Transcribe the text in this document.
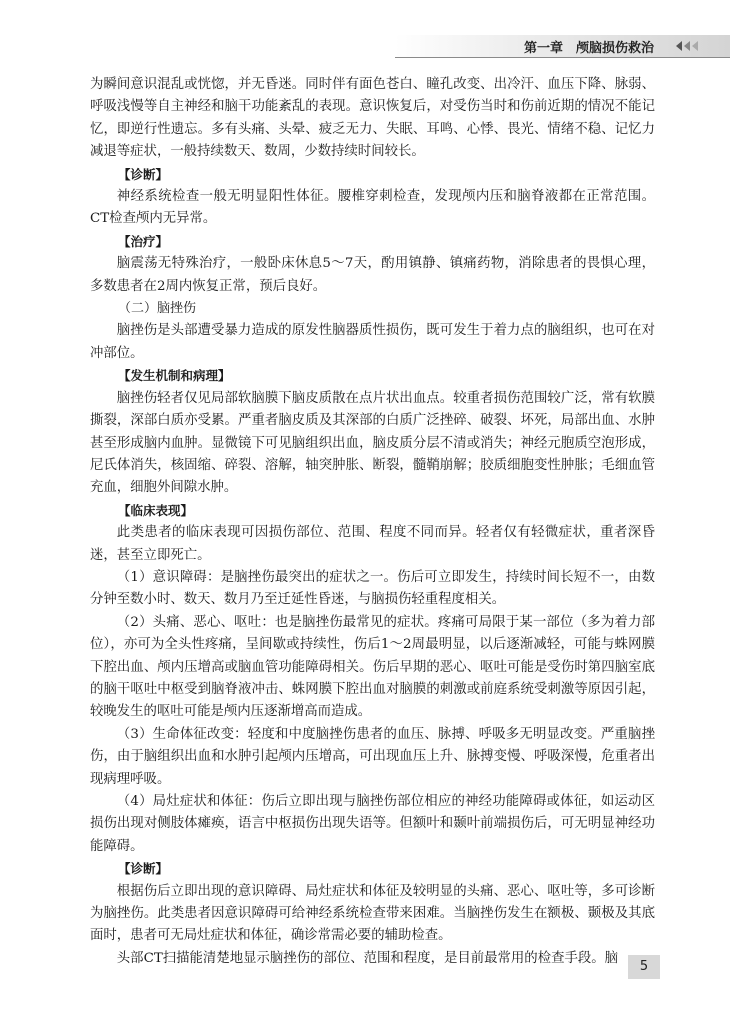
第一章　颅脑损伤救治

为瞬间意识混乱或恍惚，并无昏迷。同时伴有面色苍白、瞳孔改变、出冷汗、血压下降、脉弱、呼吸浅慢等自主神经和脑干功能紊乱的表现。意识恢复后，对受伤当时和伤前近期的情况不能记忆，即逆行性遗忘。多有头痛、头晕、疲乏无力、失眠、耳鸣、心悸、畏光、情绪不稳、记忆力减退等症状，一般持续数天、数周，少数持续时间较长。

【诊断】

神经系统检查一般无明显阳性体征。腰椎穿刺检查，发现颅内压和脑脊液都在正常范围。CT检查颅内无异常。

【治疗】

脑震荡无特殊治疗，一般卧床休息5～7天，酌用镇静、镇痛药物，消除患者的畏惧心理，多数患者在2周内恢复正常，预后良好。

（二）脑挫伤

脑挫伤是头部遭受暴力造成的原发性脑器质性损伤，既可发生于着力点的脑组织，也可在对冲部位。

【发生机制和病理】

脑挫伤轻者仅见局部软脑膜下脑皮质散在点片状出血点。较重者损伤范围较广泛，常有软膜撕裂，深部白质亦受累。严重者脑皮质及其深部的白质广泛挫碎、破裂、坏死，局部出血、水肿甚至形成脑内血肿。显微镜下可见脑组织出血，脑皮质分层不清或消失；神经元胞质空泡形成，尼氏体消失，核固缩、碎裂、溶解，轴突肿胀、断裂，髓鞘崩解；胶质细胞变性肿胀；毛细血管充血，细胞外间隙水肿。

【临床表现】

此类患者的临床表现可因损伤部位、范围、程度不同而异。轻者仅有轻微症状，重者深昏迷，甚至立即死亡。

（1）意识障碍：是脑挫伤最突出的症状之一。伤后可立即发生，持续时间长短不一，由数分钟至数小时、数天、数月乃至迁延性昏迷，与脑损伤轻重程度相关。

（2）头痛、恶心、呕吐：也是脑挫伤最常见的症状。疼痛可局限于某一部位（多为着力部位），亦可为全头性疼痛，呈间歇或持续性，伤后1～2周最明显，以后逐渐减轻，可能与蛛网膜下腔出血、颅内压增高或脑血管功能障碍相关。伤后早期的恶心、呕吐可能是受伤时第四脑室底的脑干呕吐中枢受到脑脊液冲击、蛛网膜下腔出血对脑膜的刺激或前庭系统受刺激等原因引起，较晚发生的呕吐可能是颅内压逐渐增高而造成。

（3）生命体征改变：轻度和中度脑挫伤患者的血压、脉搏、呼吸多无明显改变。严重脑挫伤，由于脑组织出血和水肿引起颅内压增高，可出现血压上升、脉搏变慢、呼吸深慢，危重者出现病理呼吸。

（4）局灶症状和体征：伤后立即出现与脑挫伤部位相应的神经功能障碍或体征，如运动区损伤出现对侧肢体瘫痪，语言中枢损伤出现失语等。但额叶和颞叶前端损伤后，可无明显神经功能障碍。

【诊断】

根据伤后立即出现的意识障碍、局灶症状和体征及较明显的头痛、恶心、呕吐等，多可诊断为脑挫伤。此类患者因意识障碍可给神经系统检查带来困难。当脑挫伤发生在额极、颞极及其底面时，患者可无局灶症状和体征，确诊常需必要的辅助检查。

头部CT扫描能清楚地显示脑挫伤的部位、范围和程度，是目前最常用的检查手段。脑

5
